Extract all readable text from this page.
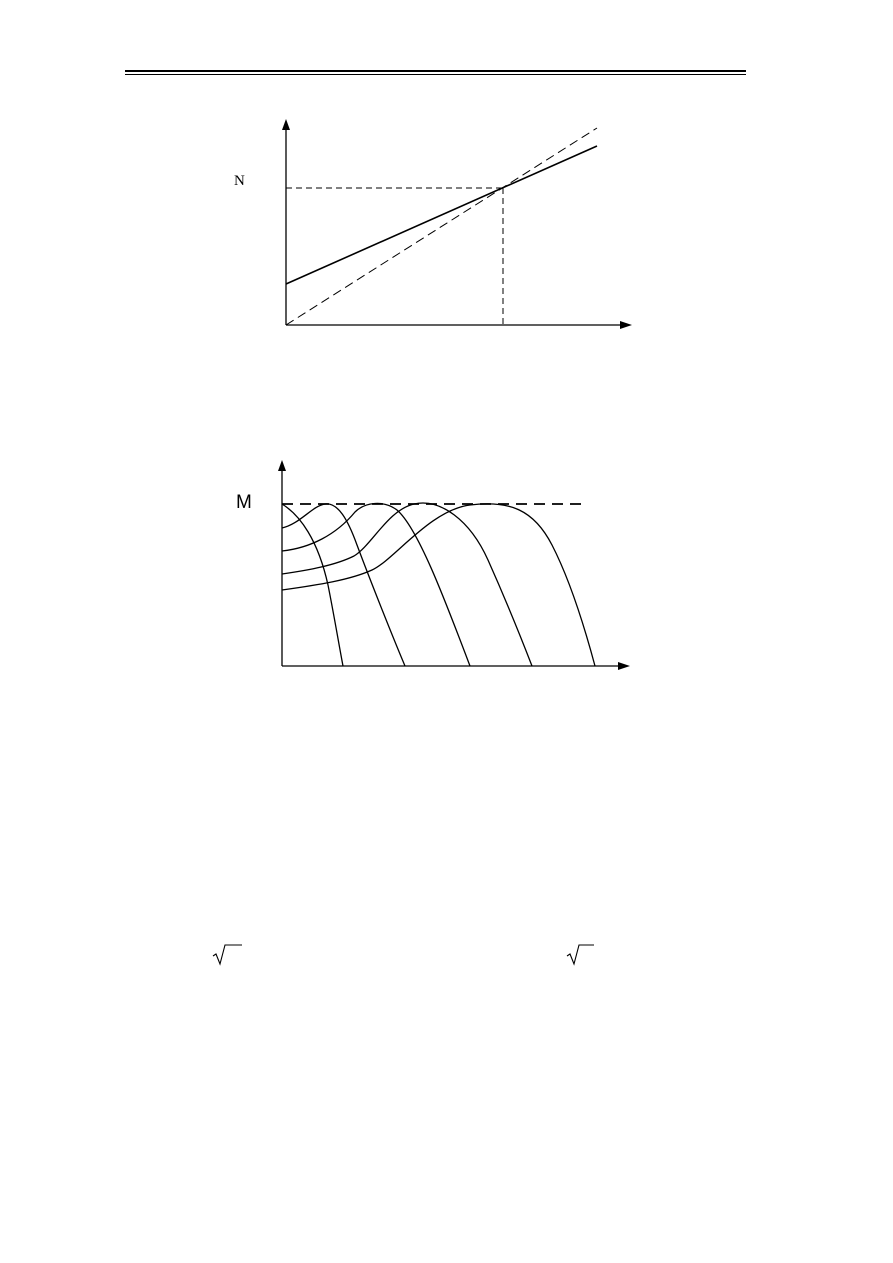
N
M
